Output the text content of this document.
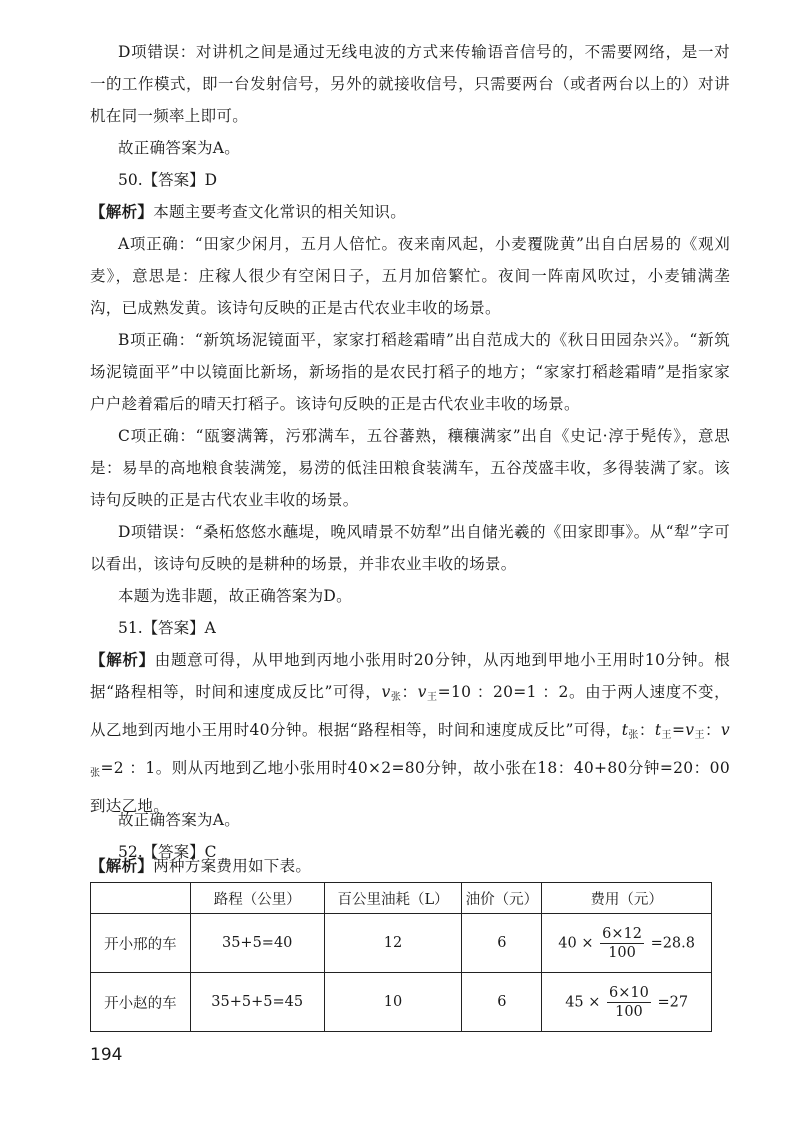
D项错误：对讲机之间是通过无线电波的方式来传输语音信号的，不需要网络，是一对一的工作模式，即一台发射信号，另外的就接收信号，只需要两台（或者两台以上的）对讲机在同一频率上即可。

故正确答案为A。

50.【答案】D

【解析】本题主要考查文化常识的相关知识。

A项正确：“田家少闲月，五月人倍忙。夜来南风起，小麦覆陇黄”出自白居易的《观刈麦》，意思是：庄稼人很少有空闲日子，五月加倍繁忙。夜间一阵南风吹过，小麦铺满垄沟，已成熟发黄。该诗句反映的正是古代农业丰收的场景。

B项正确：“新筑场泥镜面平，家家打稻趁霜晴”出自范成大的《秋日田园杂兴》。“新筑场泥镜面平”中以镜面比新场，新场指的是农民打稻子的地方；“家家打稻趁霜晴”是指家家户户趁着霜后的晴天打稻子。该诗句反映的正是古代农业丰收的场景。

C项正确：“瓯窭满篝，污邪满车，五谷蕃熟，穰穰满家”出自《史记·淳于髡传》，意思是：易旱的高地粮食装满笼，易涝的低洼田粮食装满车，五谷茂盛丰收，多得装满了家。该诗句反映的正是古代农业丰收的场景。

D项错误：“桑柘悠悠水蘸堤，晚风晴景不妨犁”出自储光羲的《田家即事》。从“犁”字可以看出，该诗句反映的是耕种的场景，并非农业丰收的场景。

本题为选非题，故正确答案为D。

51.【答案】A

【解析】由题意可得，从甲地到丙地小张用时20分钟，从丙地到甲地小王用时10分钟。根据“路程相等，时间和速度成反比”可得，$v_张$：$v_王=10$ ：20=1 ：2。由于两人速度不变，从乙地到丙地小王用时40分钟。根据“路程相等，时间和速度成反比”可得，$t_张$：$t_王=v_王$：$v_张=2$ ：1。则从丙地到乙地小张用时40×2=80分钟，故小张在18：40+80分钟=20：00到达乙地。

故正确答案为A。

52.【答案】C

【解析】两种方案费用如下表。

	路程（公里）	百公里油耗（L）	油价（元）	费用（元）
开小邢的车	35+5=40	12	6	$40 \times \frac{6\times 12}{100} =28.8$
开小赵的车	35+5+5=45	10	6	$45 \times \frac{6\times 10}{100} =27$
194
